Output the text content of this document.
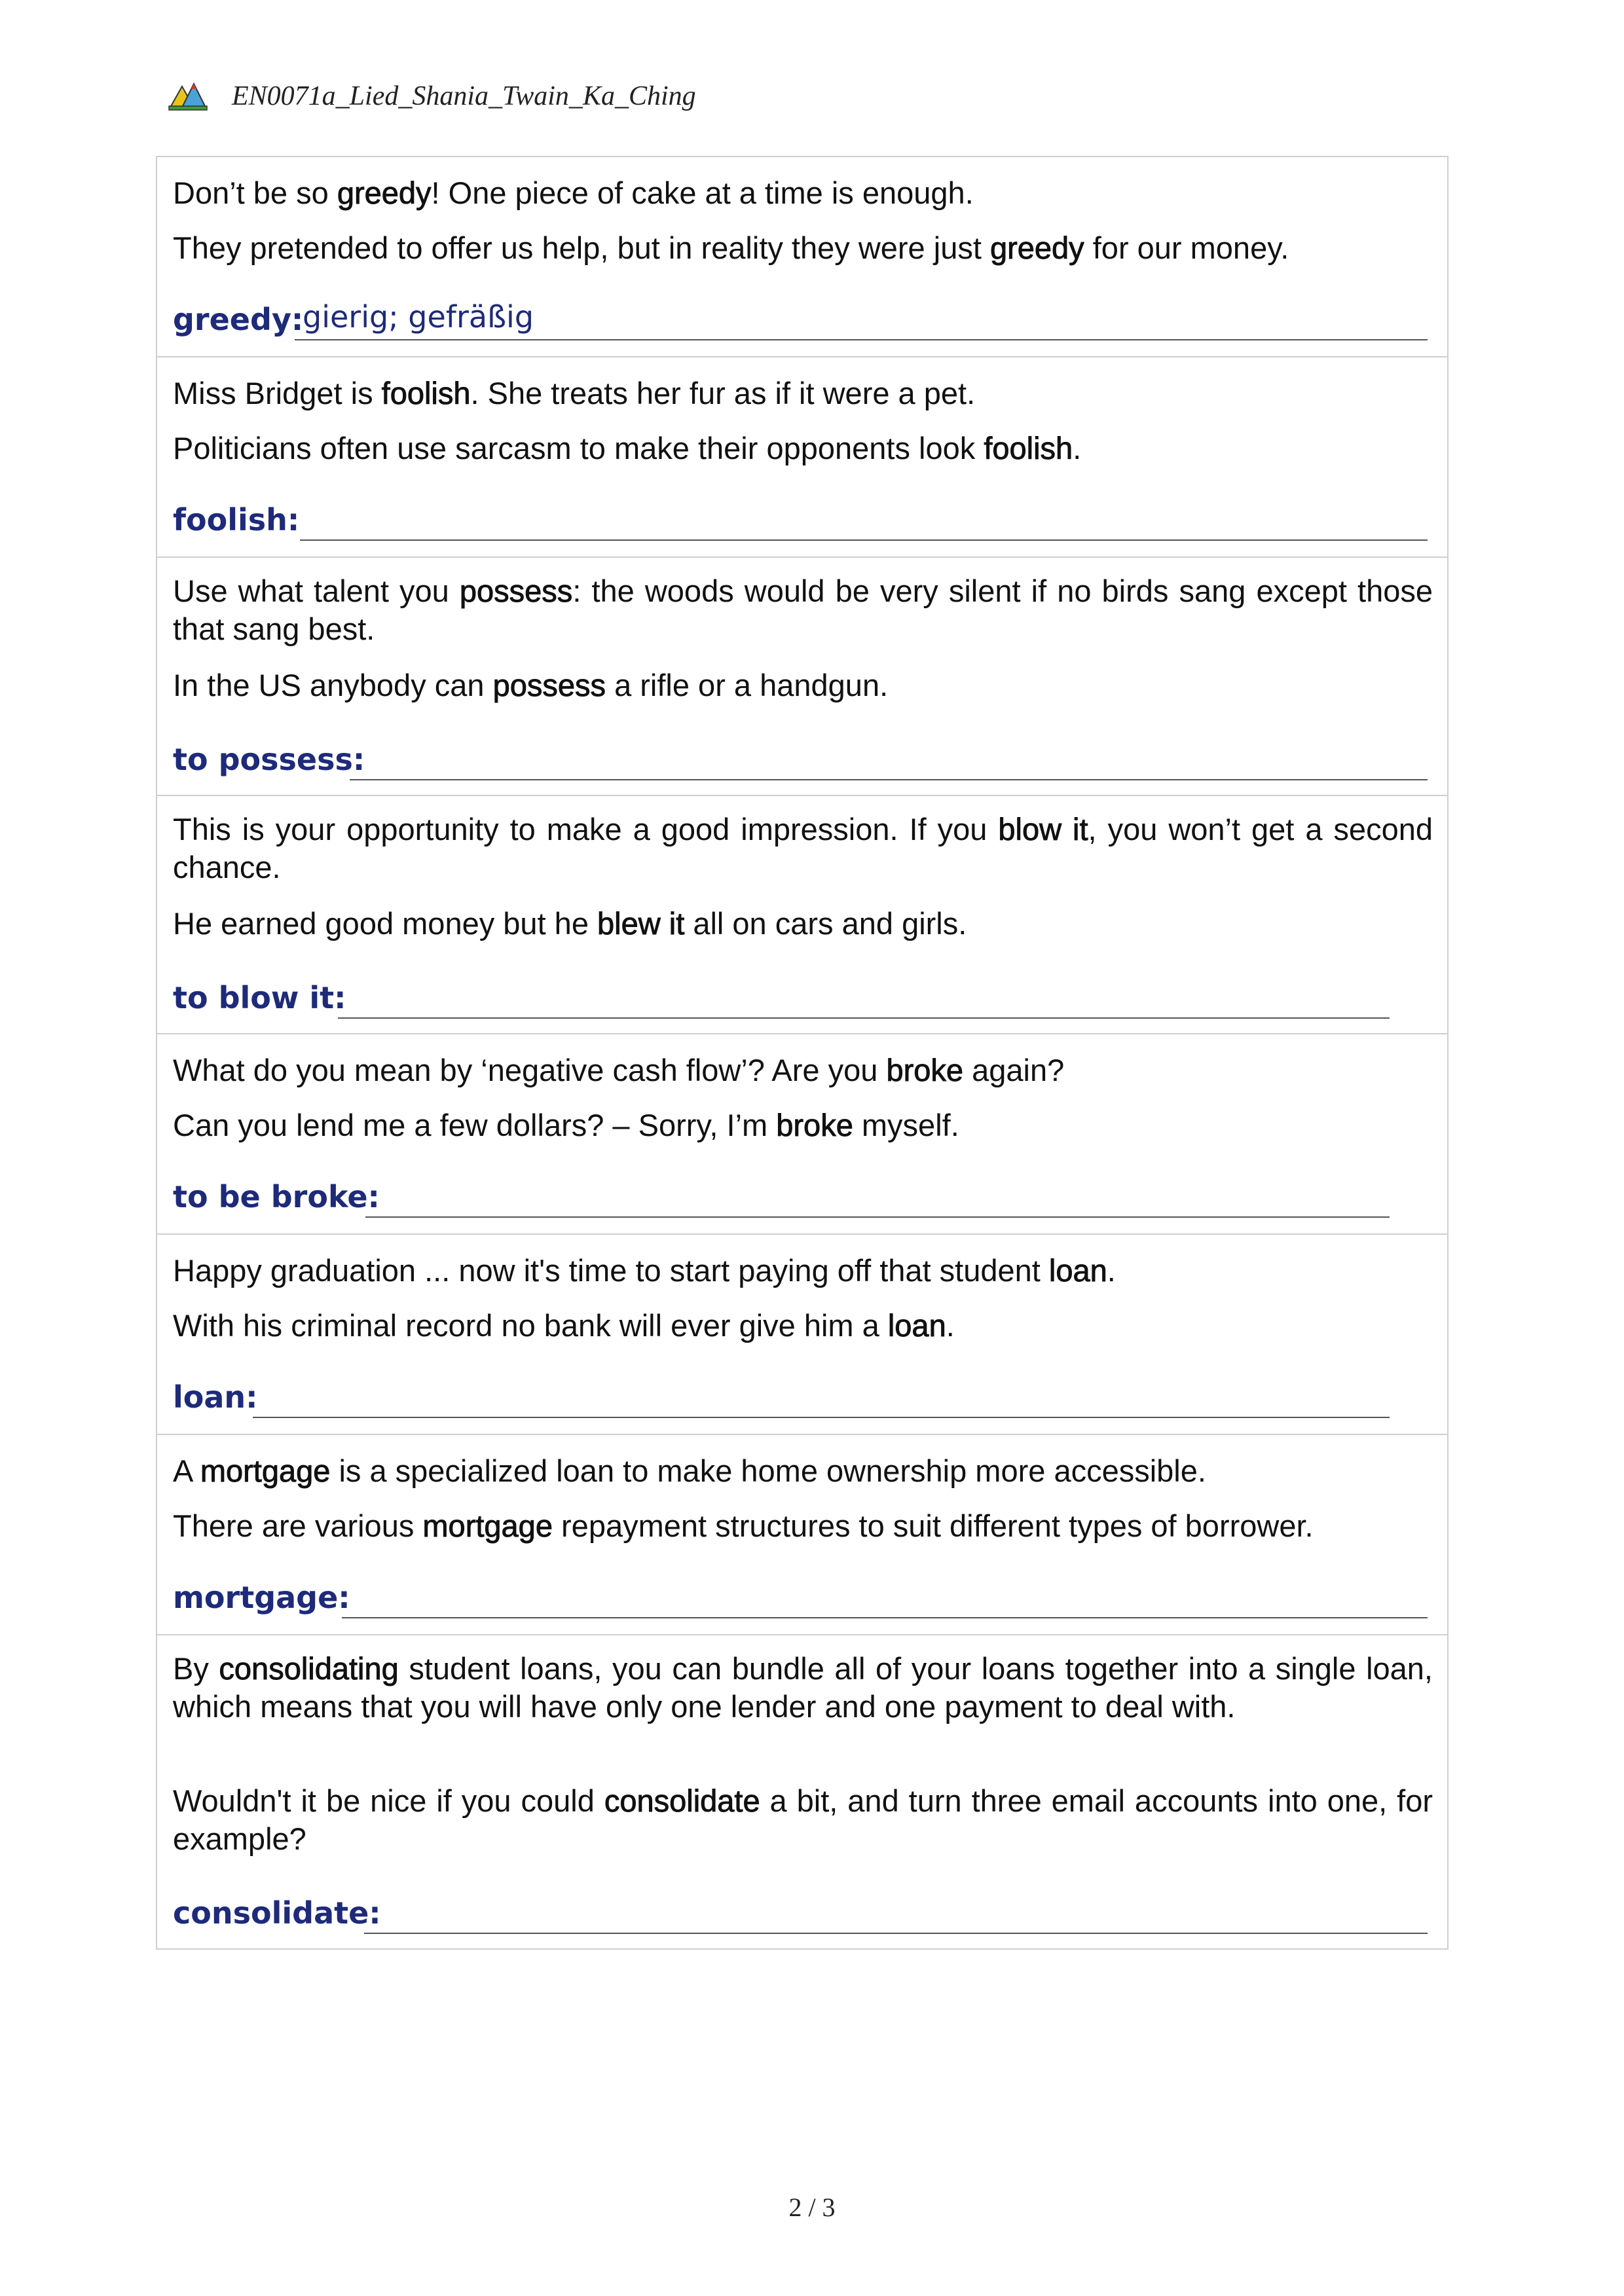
EN0071a_Lied_Shania_Twain_Ka_Ching

Don’t be so greedy! One piece of cake at a time is enough.

They pretended to offer us help, but in reality they were just greedy for our money.

greedy:
gierig; gefräßig

Miss Bridget is foolish. She treats her fur as if it were a pet.

Politicians often use sarcasm to make their opponents look foolish.

foolish:

Use what talent you possess: the woods would be very silent if no birds sang except those that sang best.

In the US anybody can possess a rifle or a handgun.

to possess:

This is your opportunity to make a good impression. If you blow it, you won’t get a second chance.

He earned good money but he blew it all on cars and girls.

to blow it:

What do you mean by ‘negative cash flow’? Are you broke again?

Can you lend me a few dollars? – Sorry, I’m broke myself.

to be broke:

Happy graduation ... now it's time to start paying off that student loan.

With his criminal record no bank will ever give him a loan.

loan:

A mortgage is a specialized loan to make home ownership more accessible.

There are various mortgage repayment structures to suit different types of borrower.

mortgage:

By consolidating student loans, you can bundle all of your loans together into a single loan, which means that you will have only one lender and one payment to deal with.

Wouldn't it be nice if you could consolidate a bit, and turn three email accounts into one, for example?

consolidate:
2 / 3
